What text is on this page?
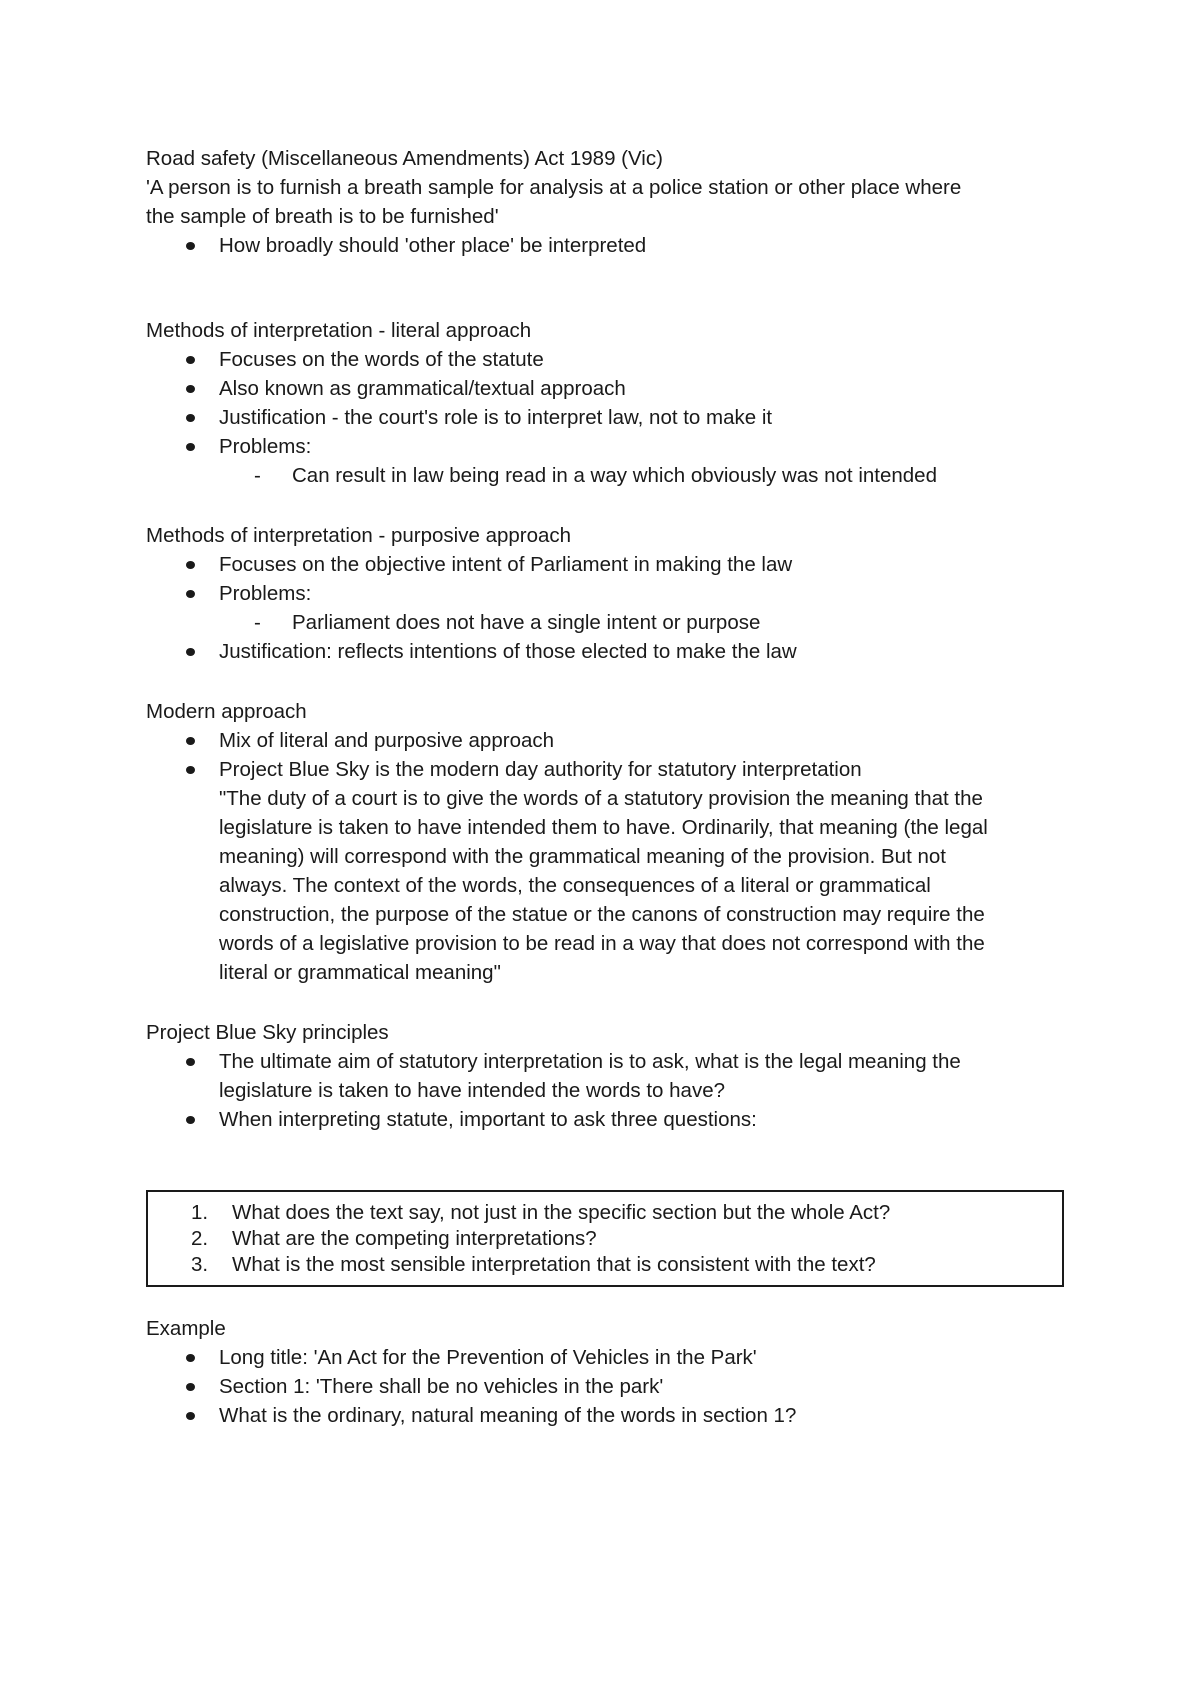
Road safety (Miscellaneous Amendments) Act 1989 (Vic)

'A person is to furnish a breath sample for analysis at a police station or other place where

the sample of breath is to be furnished'

How broadly should 'other place' be interpreted

Methods of interpretation - literal approach

Focuses on the words of the statute
Also known as grammatical/textual approach
Justification - the court's role is to interpret law, not to make it
Problems:
- Can result in law being read in a way which obviously was not intended

Methods of interpretation - purposive approach

Focuses on the objective intent of Parliament in making the law
Problems:
- Parliament does not have a single intent or purpose
Justification: reflects intentions of those elected to make the law

Modern approach

Mix of literal and purposive approach
Project Blue Sky is the modern day authority for statutory interpretation
"The duty of a court is to give the words of a statutory provision the meaning that the
legislature is taken to have intended them to have. Ordinarily, that meaning (the legal
meaning) will correspond with the grammatical meaning of the provision. But not
always. The context of the words, the consequences of a literal or grammatical
construction, the purpose of the statue or the canons of construction may require the
words of a legislative provision to be read in a way that does not correspond with the
literal or grammatical meaning"

Project Blue Sky principles

The ultimate aim of statutory interpretation is to ask, what is the legal meaning the
legislature is taken to have intended the words to have?
When interpreting statute, important to ask three questions:
1. What does the text say, not just in the specific section but the whole Act?
2. What are the competing interpretations?
3. What is the most sensible interpretation that is consistent with the text?

Example

Long title: 'An Act for the Prevention of Vehicles in the Park'
Section 1: 'There shall be no vehicles in the park'
What is the ordinary, natural meaning of the words in section 1?
